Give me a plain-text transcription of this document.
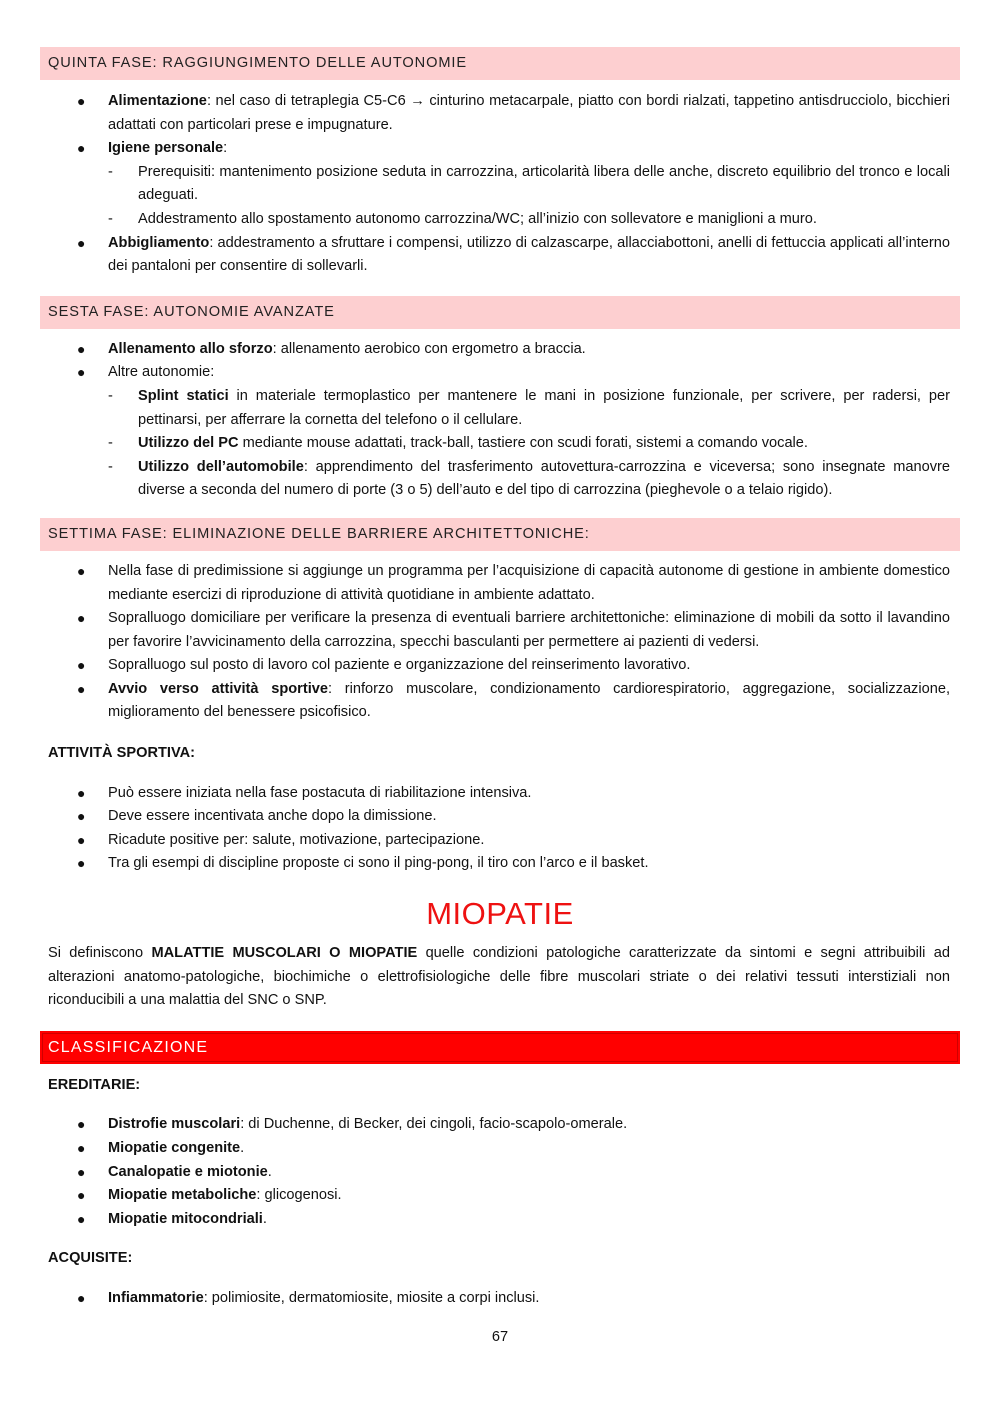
QUINTA FASE: RAGGIUNGIMENTO DELLE AUTONOMIE
● Alimentazione: nel caso di tetraplegia C5-C6 → cinturino metacarpale, piatto con bordi rialzati, tappetino antisdrucciolo, bicchieri adattati con particolari prese e impugnature.
● Igiene personale:
- Prerequisiti: mantenimento posizione seduta in carrozzina, articolarità libera delle anche, discreto equilibrio del tronco e locali adeguati.
- Addestramento allo spostamento autonomo carrozzina/WC; all’inizio con sollevatore e maniglioni a muro.
● Abbigliamento: addestramento a sfruttare i compensi, utilizzo di calzascarpe, allacciabottoni, anelli di fettuccia applicati all’interno dei pantaloni per consentire di sollevarli.
SESTA FASE: AUTONOMIE AVANZATE
● Allenamento allo sforzo: allenamento aerobico con ergometro a braccia.
● Altre autonomie:
- Splint statici in materiale termoplastico per mantenere le mani in posizione funzionale, per scrivere, per radersi, per pettinarsi, per afferrare la cornetta del telefono o il cellulare.
- Utilizzo del PC mediante mouse adattati, track-ball, tastiere con scudi forati, sistemi a comando vocale.
- Utilizzo dell’automobile: apprendimento del trasferimento autovettura-carrozzina e viceversa; sono insegnate manovre diverse a seconda del numero di porte (3 o 5) dell’auto e del tipo di carrozzina (pieghevole o a telaio rigido).
SETTIMA FASE: ELIMINAZIONE DELLE BARRIERE ARCHITETTONICHE:
● Nella fase di predimissione si aggiunge un programma per l’acquisizione di capacità autonome di gestione in ambiente domestico mediante esercizi di riproduzione di attività quotidiane in ambiente adattato.
● Sopralluogo domiciliare per verificare la presenza di eventuali barriere architettoniche: eliminazione di mobili da sotto il lavandino per favorire l’avvicinamento della carrozzina, specchi basculanti per permettere ai pazienti di vedersi.
● Sopralluogo sul posto di lavoro col paziente e organizzazione del reinserimento lavorativo.
● Avvio verso attività sportive: rinforzo muscolare, condizionamento cardiorespiratorio, aggregazione, socializzazione, miglioramento del benessere psicofisico.
ATTIVITÀ SPORTIVA:
● Può essere iniziata nella fase postacuta di riabilitazione intensiva.
● Deve essere incentivata anche dopo la dimissione.
● Ricadute positive per: salute, motivazione, partecipazione.
● Tra gli esempi di discipline proposte ci sono il ping-pong, il tiro con l’arco e il basket.
MIOPATIE
Si definiscono MALATTIE MUSCOLARI O MIOPATIE quelle condizioni patologiche caratterizzate da sintomi e segni attribuibili ad alterazioni anatomo-patologiche, biochimiche o elettrofisiologiche delle fibre muscolari striate o dei relativi tessuti interstiziali non riconducibili a una malattia del SNC o SNP.
CLASSIFICAZIONE
EREDITARIE:
● Distrofie muscolari: di Duchenne, di Becker, dei cingoli, facio-scapolo-omerale.
● Miopatie congenite.
● Canalopatie e miotonie.
● Miopatie metaboliche: glicogenosi.
● Miopatie mitocondriali.
ACQUISITE:
● Infiammatorie: polimiosite, dermatomiosite, miosite a corpi inclusi.
67
